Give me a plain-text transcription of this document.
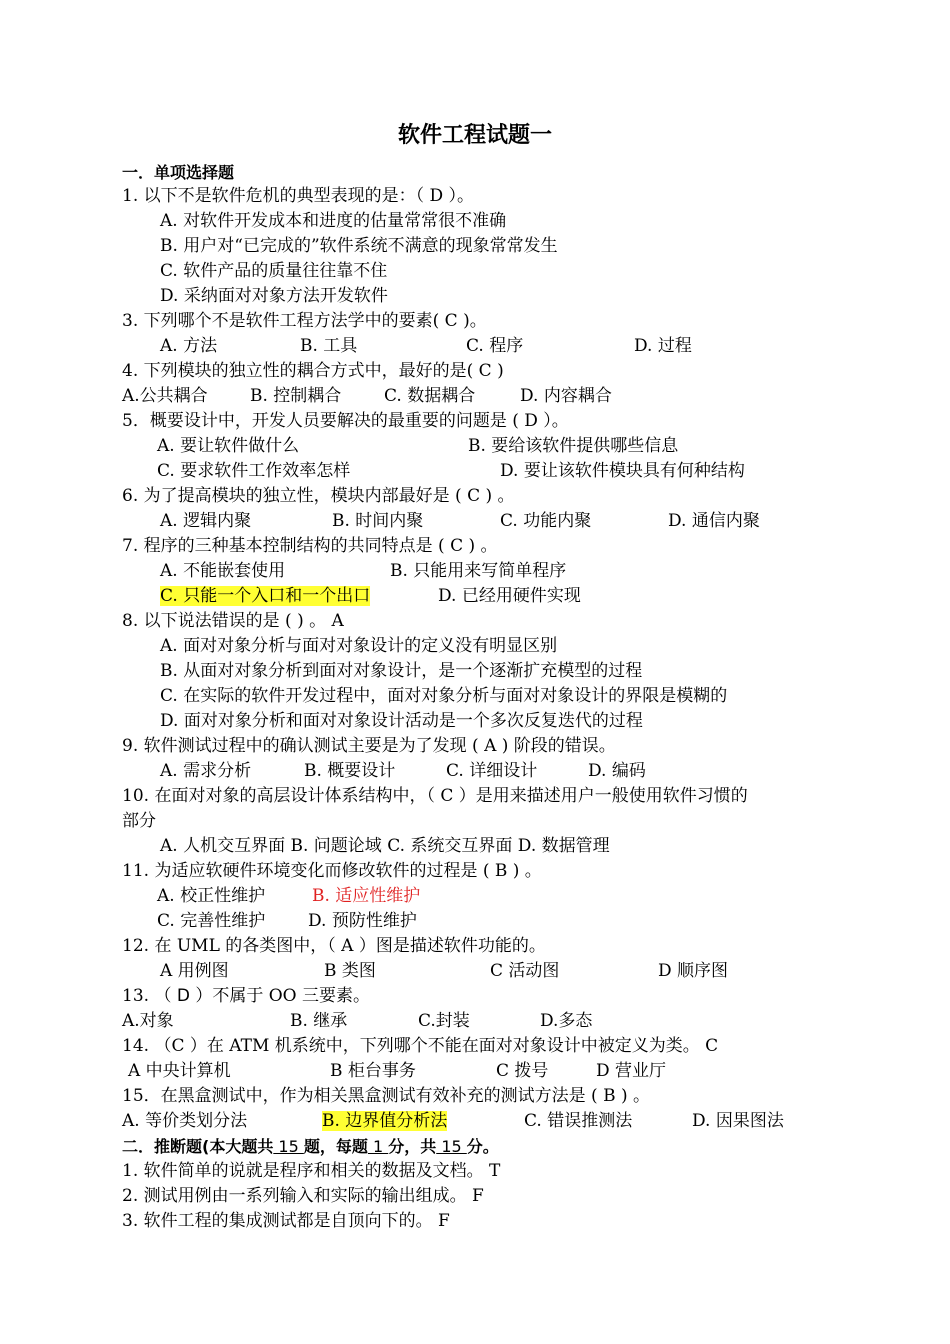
软件工程试题一
一．单项选择题
1. 以下不是软件危机的典型表现的是：（ D ）。
A. 对软件开发成本和进度的估量常常很不准确
B. 用户对“已完成的”软件系统不满意的现象常常发生
C. 软件产品的质量往往靠不住
D. 采纳面对对象方法开发软件
3. 下列哪个不是软件工程方法学中的要素( C )。
A. 方法	B. 工具	C. 程序	D. 过程
4. 下列模块的独立性的耦合方式中，最好的是( C )
A.公共耦合 B. 控制耦合	C. 数据耦合	D. 内容耦合
5．概要设计中，开发人员要解决的最重要的问题是 ( D ）。
A. 要让软件做什么	B. 要给该软件提供哪些信息
C. 要求软件工作效率怎样	D. 要让该软件模块具有何种结构
6. 为了提高模块的独立性，模块内部最好是 ( C ) 。
A. 逻辑内聚	B. 时间内聚	C. 功能内聚	D. 通信内聚
7. 程序的三种基本控制结构的共同特点是 ( C ) 。
A. 不能嵌套使用	B. 只能用来写简单程序
C. 只能一个入口和一个出口	D. 已经用硬件实现
8. 以下说法错误的是 ( ) 。 A
A. 面对对象分析与面对对象设计的定义没有明显区别
B. 从面对对象分析到面对对象设计，是一个逐渐扩充模型的过程
C. 在实际的软件开发过程中，面对对象分析与面对对象设计的界限是模糊的
D. 面对对象分析和面对对象设计活动是一个多次反复迭代的过程
9. 软件测试过程中的确认测试主要是为了发现 ( A ) 阶段的错误。
A. 需求分析	B. 概要设计	C. 详细设计	D. 编码
10. 在面对对象的高层设计体系结构中，（ C ）是用来描述用户一般使用软件习惯的
部分
A. 人机交互界面 B. 问题论域 C. 系统交互界面 D. 数据管理
11. 为适应软硬件环境变化而修改软件的过程是 ( B ) 。
A. 校正性维护	B. 适应性维护
C. 完善性维护	D. 预防性维护
12. 在 UML 的各类图中，（ A ）图是描述软件功能的。
A 用例图	B 类图	C 活动图	D 顺序图
13. （ D ）不属于 OO 三要素。
A.对象	B. 继承	C.封装	D.多态
14. （C ）在 ATM 机系统中，下列哪个不能在面对对象设计中被定义为类。 C
A 中央计算机	B 柜台事务	C 拨号	D 营业厅
15．在黑盒测试中，作为相关黑盒测试有效补充的测试方法是 ( B ) 。
A. 等价类划分法	B. 边界值分析法	C. 错误推测法	D. 因果图法
二．推断题(本大题共 15 题，每题 1 分，共 15 分。
1. 软件简单的说就是程序和相关的数据及文档。 T
2. 测试用例由一系列输入和实际的输出组成。 F
3. 软件工程的集成测试都是自顶向下的。 F
